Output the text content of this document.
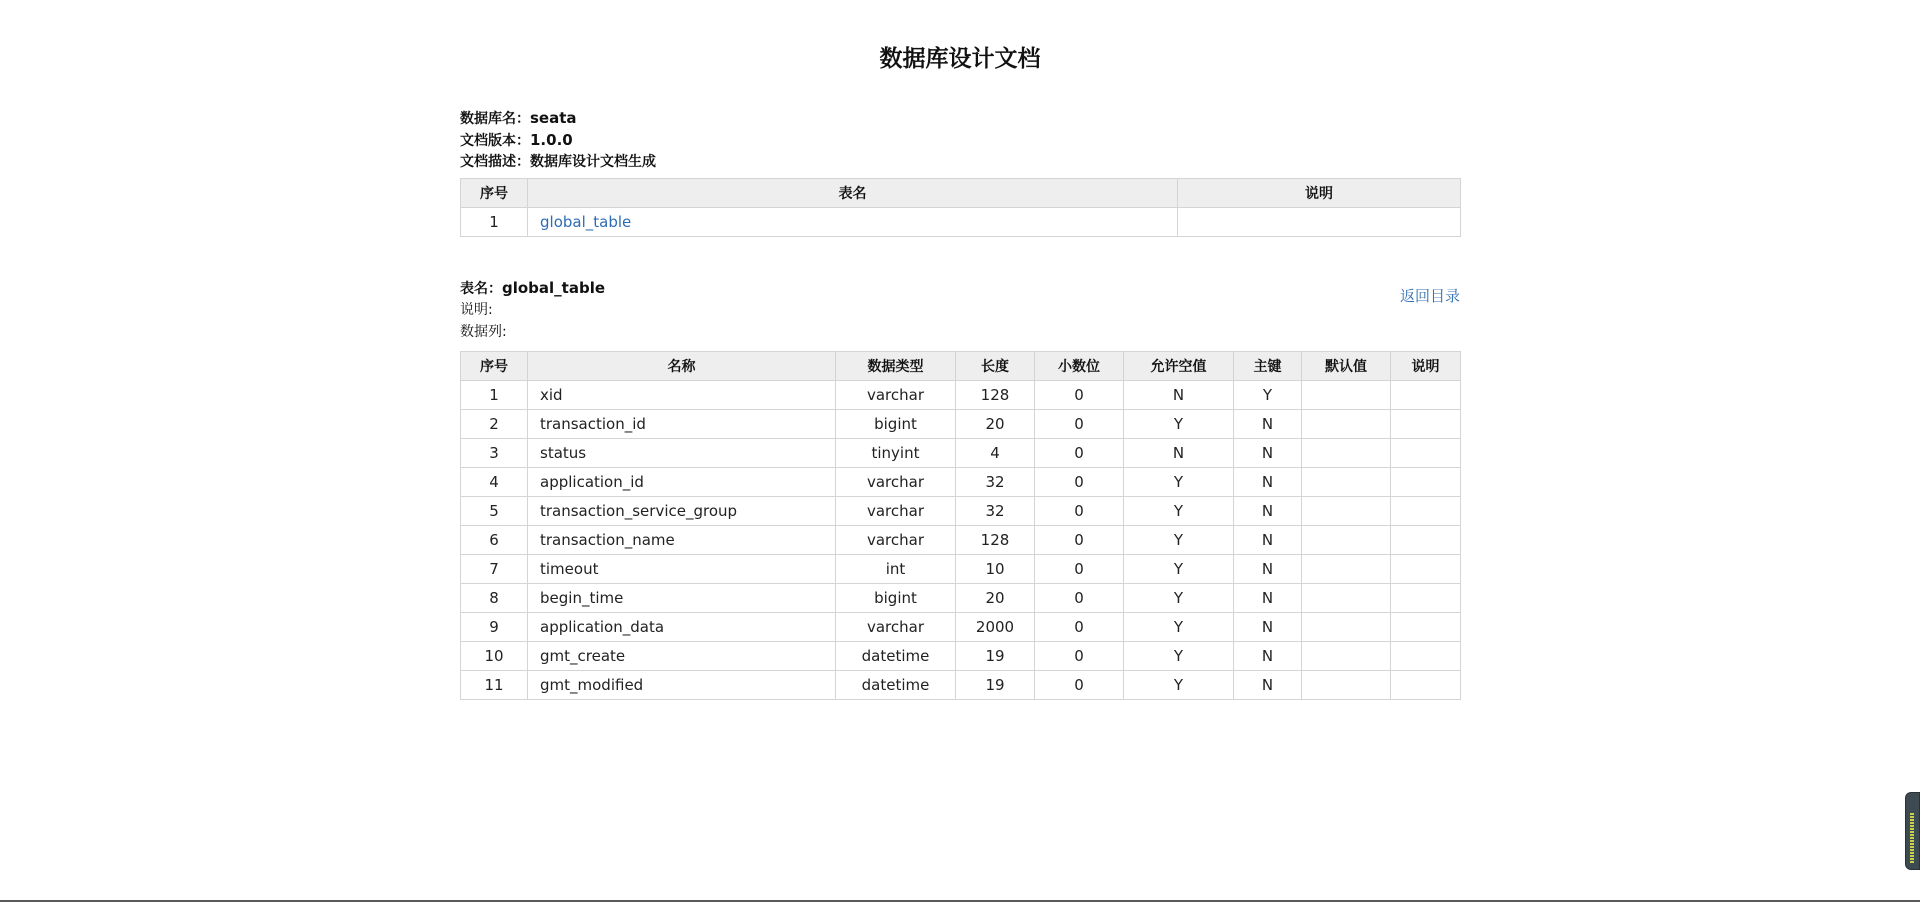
数据库设计文档
数据库名：seata
文档版本：1.0.0
文档描述：数据库设计文档生成
序号	表名	说明
1	global_table	
返回目录
表名：global_table
说明:
数据列:
序号	名称	数据类型	长度	小数位	允许空值	主键	默认值	说明
1	xid	varchar	128	0	N	Y		
2	transaction_id	bigint	20	0	Y	N		
3	status	tinyint	4	0	N	N		
4	application_id	varchar	32	0	Y	N		
5	transaction_service_group	varchar	32	0	Y	N		
6	transaction_name	varchar	128	0	Y	N		
7	timeout	int	10	0	Y	N		
8	begin_time	bigint	20	0	Y	N		
9	application_data	varchar	2000	0	Y	N		
10	gmt_create	datetime	19	0	Y	N		
11	gmt_modified	datetime	19	0	Y	N		
